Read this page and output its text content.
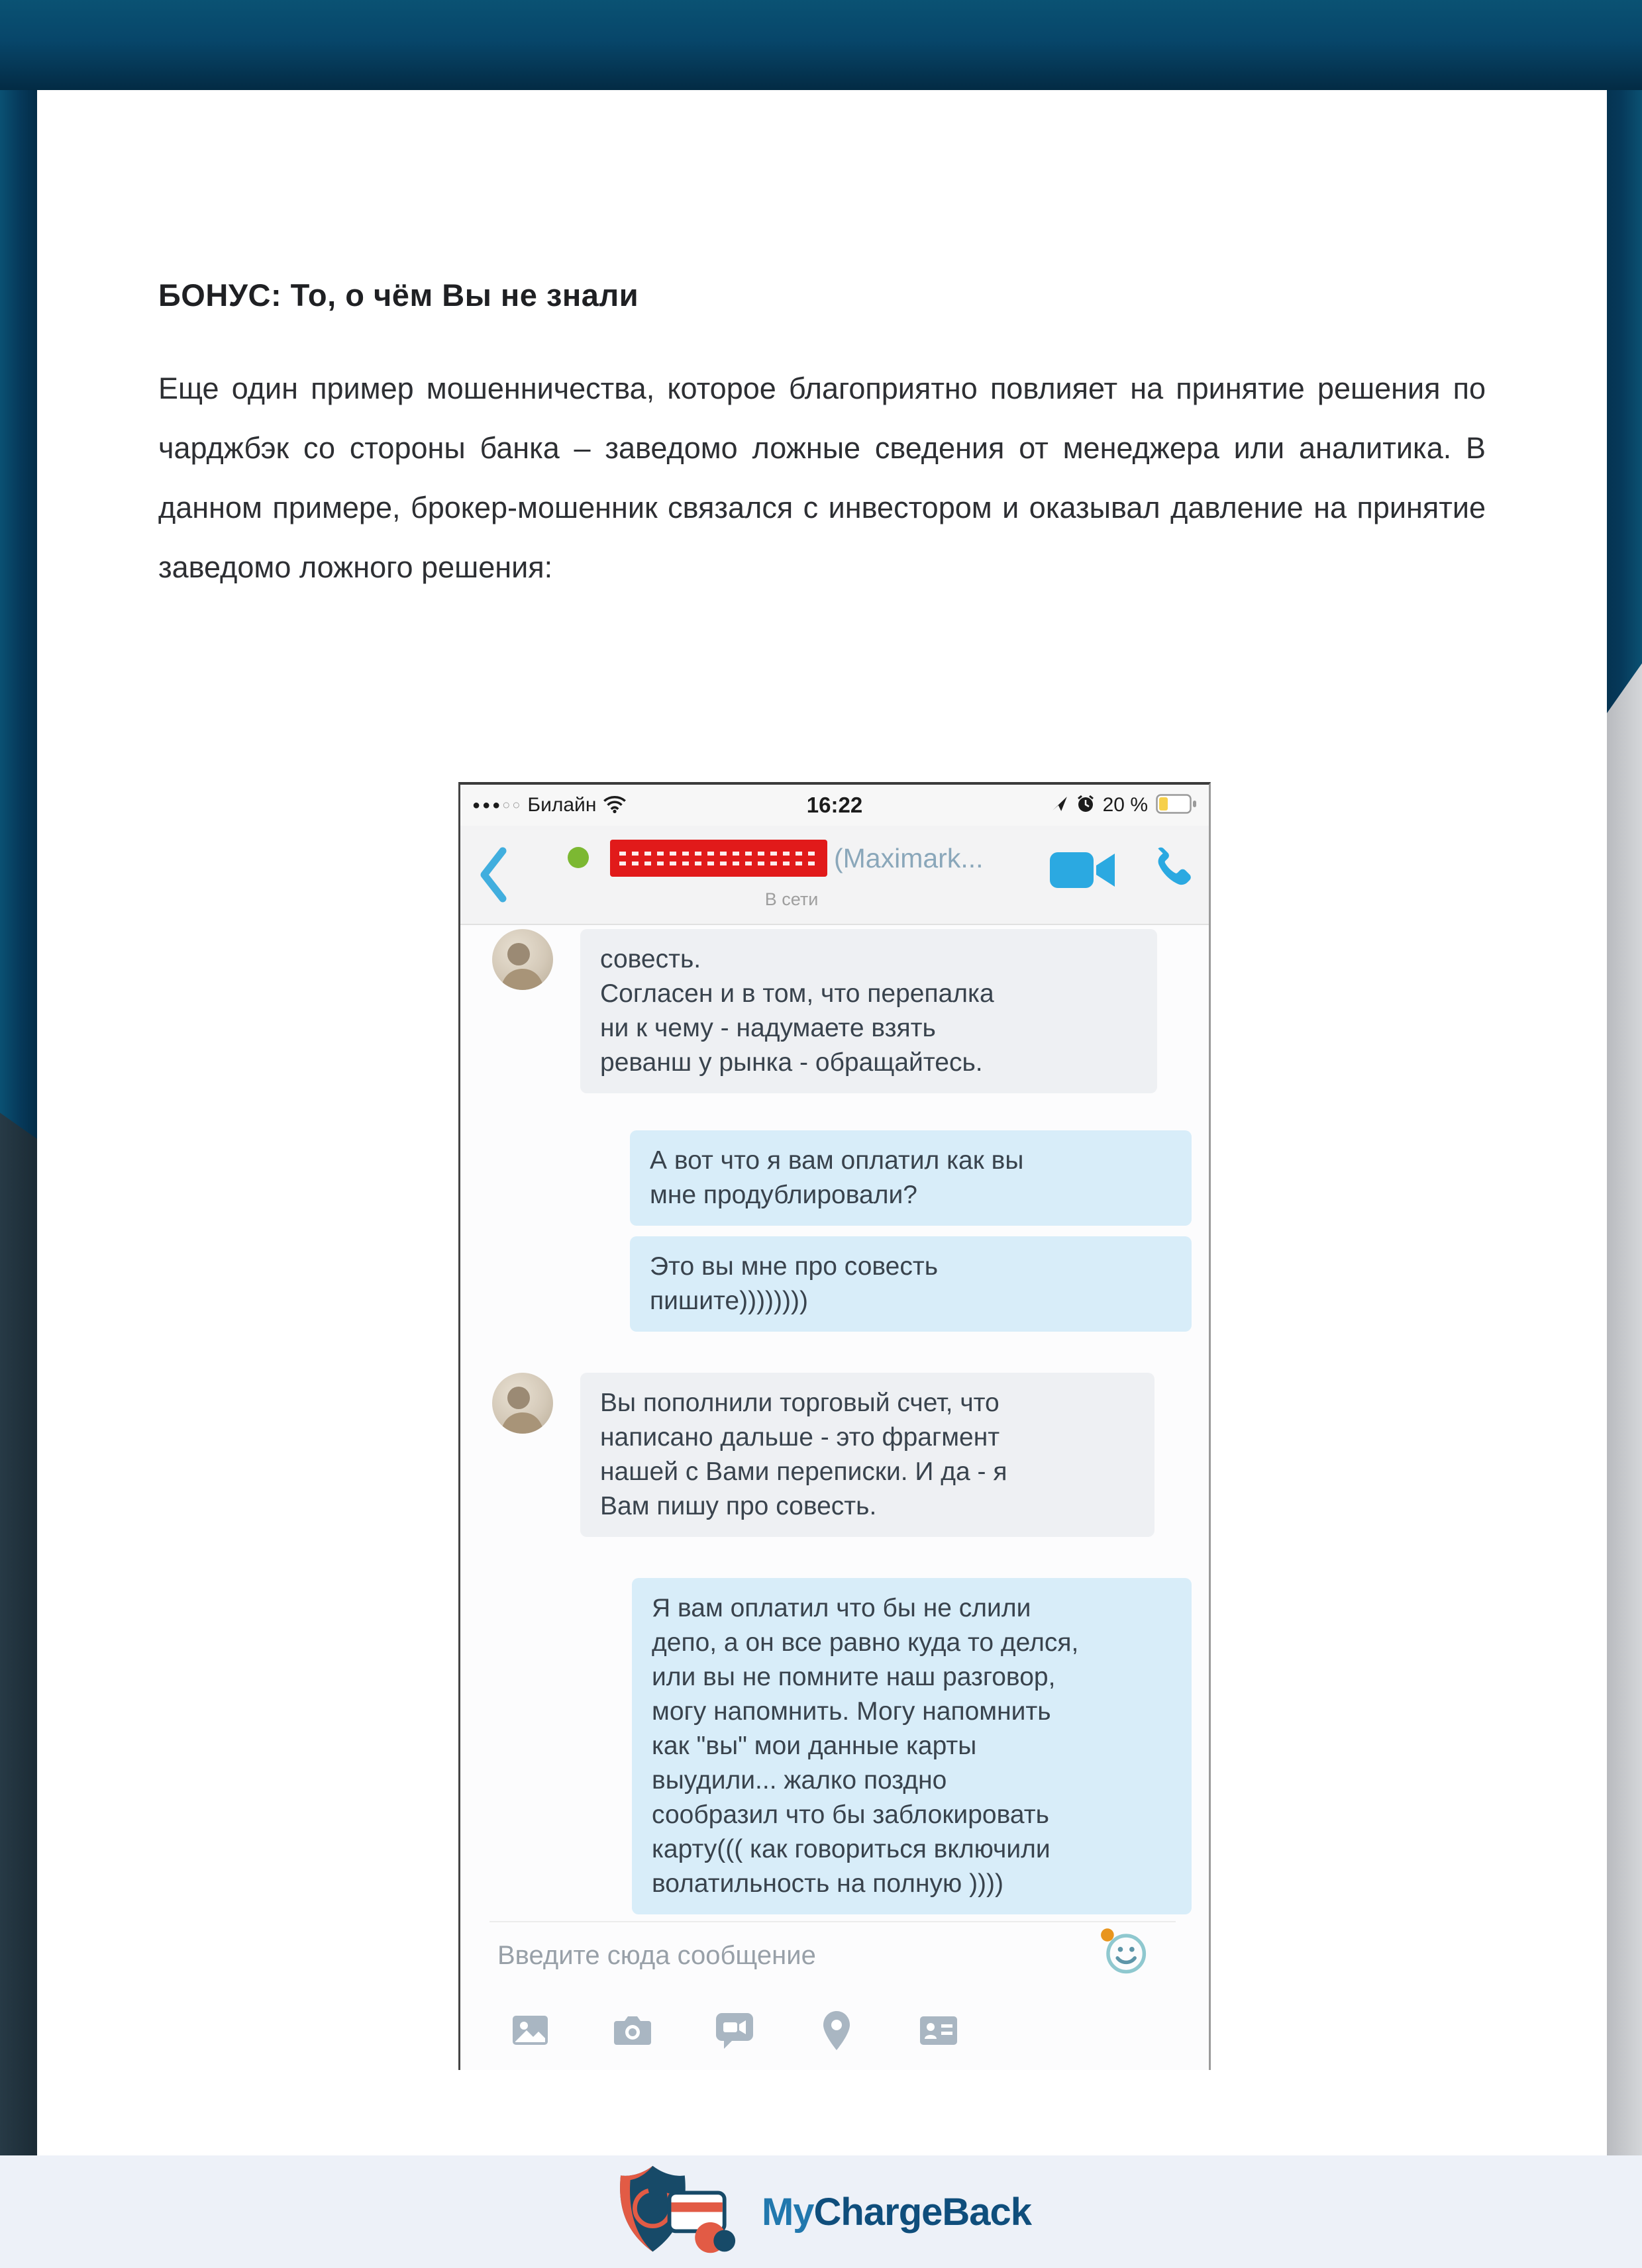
БОНУС: То, о чём Вы не знали
Еще один пример мошенничества, которое благоприятно повлияет на принятие решения по чарджбэк со стороны банка – заведомо ложные сведения от менеджера или аналитика. В данном примере, брокер-мошенник связался с инвестором и оказывал давление на принятие заведомо ложного решения:
●●●○○ Билайн	16:22	20 %
(Maximark...
В сети
совесть.
Согласен и в том, что перепалка
ни к чему - надумаете взять
реванш у рынка - обращайтесь.
А вот что я вам оплатил как вы
мне продублировали?
Это вы мне про совесть
пишите))))))))
Вы пополнили торговый счет, что
написано дальше - это фрагмент
нашей с Вами переписки. И да - я
Вам пишу про совесть.
Я вам оплатил что бы не слили
депо, а он все равно куда то делся,
или вы не помните наш разговор,
могу напомнить. Могу напомнить
как "вы" мои данные карты
выудили... жалко поздно
сообразил что бы заблокировать
карту((( как говориться включили
волатильность на полную ))))
Введите сюда сообщение
MyChargeBack
